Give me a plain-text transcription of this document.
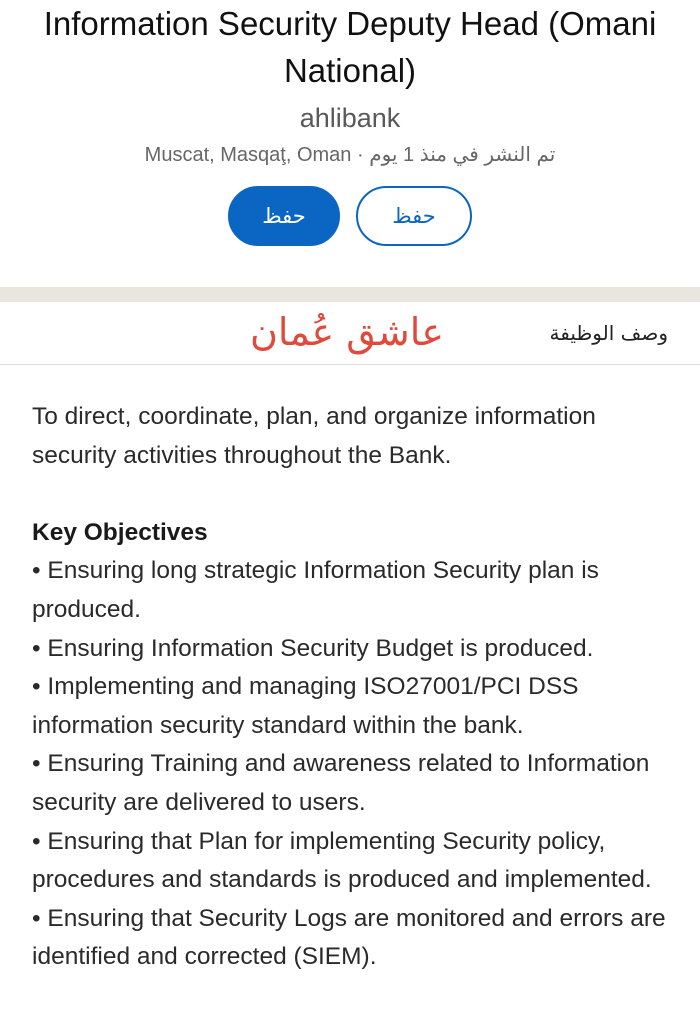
Information Security Deputy Head (Omani National)
ahlibank
تم النشر في منذ 1 يوم · Muscat, Masqaţ, Oman
حفظ	حفظ
وصف الوظيفة
عاشق عُمان

To direct, coordinate, plan, and organize information security activities throughout the Bank.

Key Objectives

• Ensuring long strategic Information Security plan is produced.

• Ensuring Information Security Budget is produced.

• Implementing and managing ISO27001/PCI DSS information security standard within the bank.

• Ensuring Training and awareness related to Information security are delivered to users.

• Ensuring that Plan for implementing Security policy, procedures and standards is produced and implemented.

• Ensuring that Security Logs are monitored and errors are identified and corrected (SIEM).
